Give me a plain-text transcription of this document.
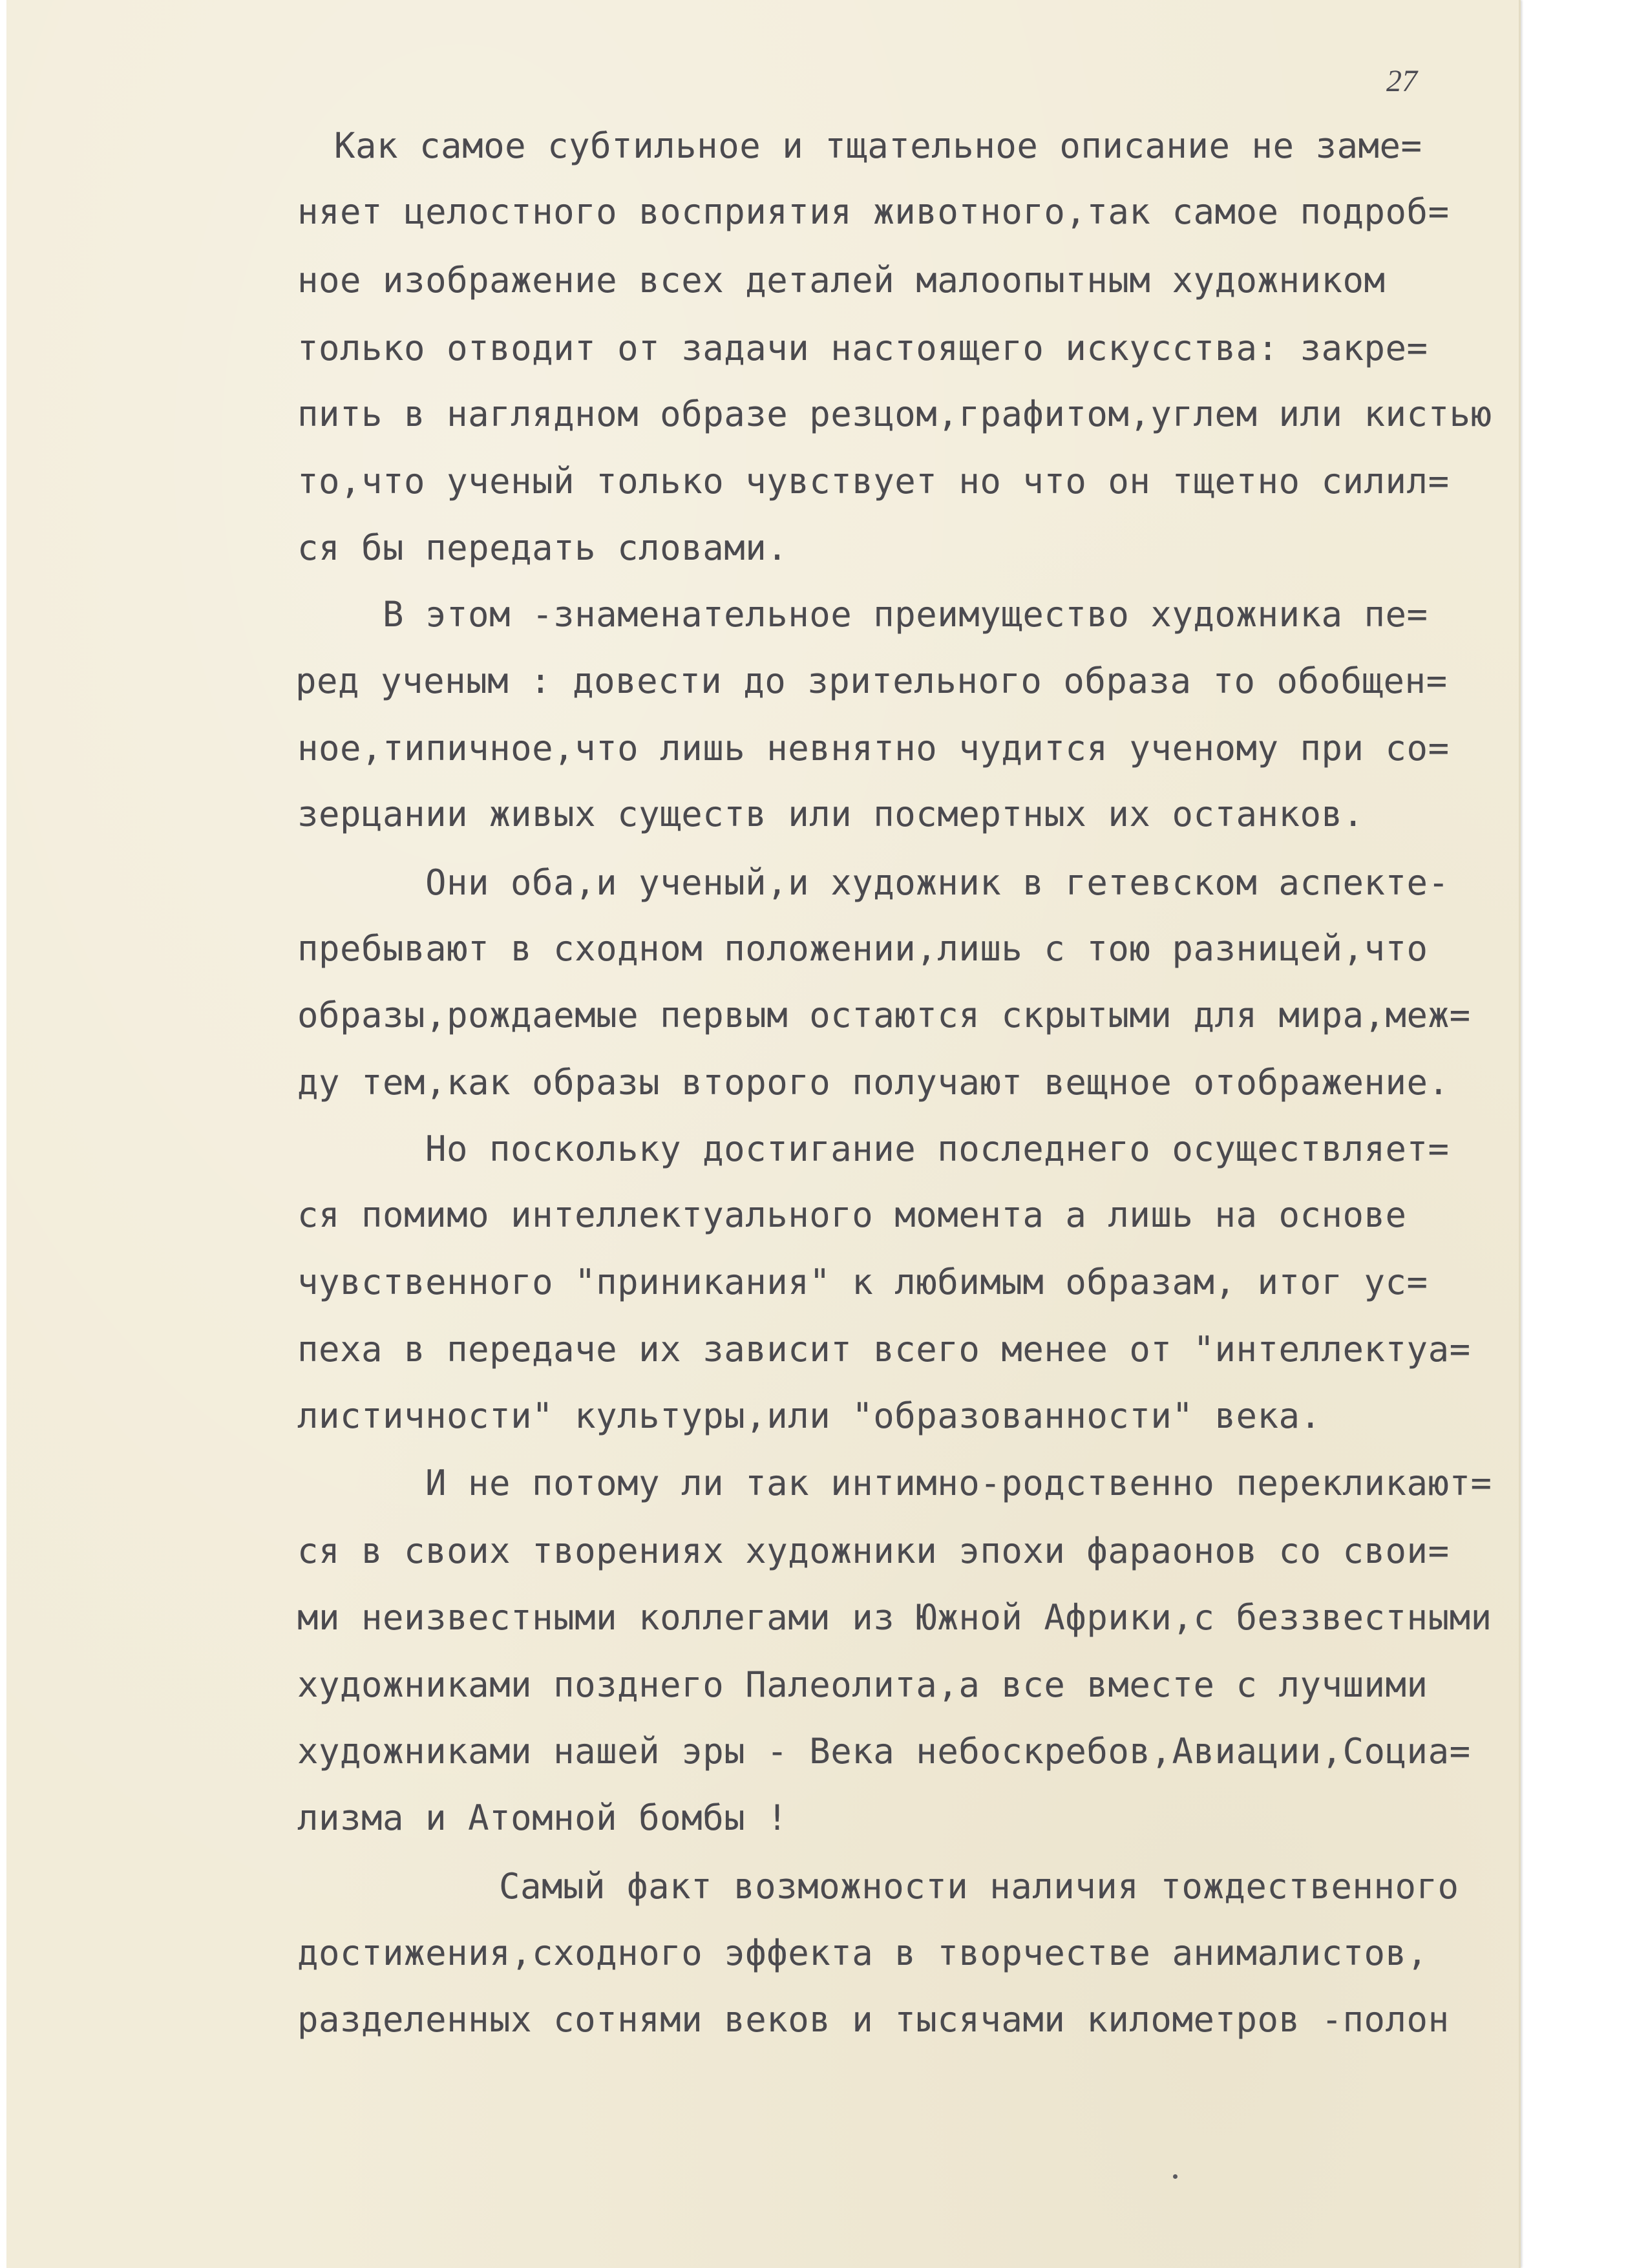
27
Как самое субтильное и тщательное описание не заме=
няет целостного восприятия животного,так самое подроб=
ное изображение всех деталей малоопытным художником
только отводит от задачи настоящего искусства: закре=
пить в наглядном образе резцом,графитом,углем или кистью
то,что ученый только чувствует но что он тщетно силил=
ся бы передать словами.
В этом -знаменательное преимущество художника пе=
ред ученым : довести до зрительного образа то обобщен=
ное,типичное,что лишь невнятно чудится ученому при со=
зерцании живых существ или посмертных их останков.
Они оба,и ученый,и художник в гетевском аспекте-
пребывают в сходном положении,лишь с тою разницей,что
образы,рождаемые первым остаются скрытыми для мира,меж=
ду тем,как образы второго получают вещное отображение.
Но поскольку достигание последнего осуществляет=
ся помимо интеллектуального момента а лишь на основе
чувственного "приникания" к любимым образам, итог ус=
пеха в передаче их зависит всего менее от "интеллектуа=
листичности" культуры,или "образованности" века.
И не потому ли так интимно-родственно перекликают=
ся в своих творениях художники эпохи фараонов со свои=
ми неизвестными коллегами из Южной Африки,с беззвестными
художниками позднего Палеолита,а все вместе с лучшими
художниками нашей эры - Века небоскребов,Авиации,Социа=
лизма и Атомной бомбы !
Самый факт возможности наличия тождественного
достижения,сходного эффекта в творчестве анималистов,
разделенных сотнями веков и тысячами километров -полон
